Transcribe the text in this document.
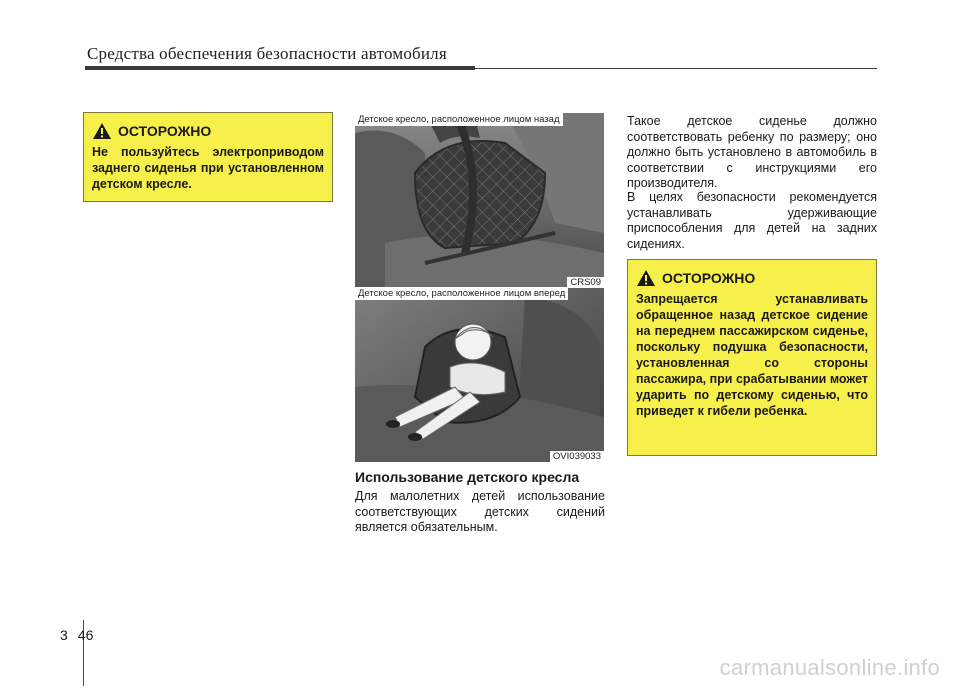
Средства обеспечения безопасности автомобиля
ОСТОРОЖНО
Не пользуйтесь электроприводом заднего сиденья при установленном детском кресле.
Детское кресло, расположенное лицом назад
CRS09
Детское кресло, расположенное лицом вперед
OVI039033
Использование детского кресла
Для малолетних детей использование соответствующих детских сидений является обязательным.
Такое детское сиденье должно соответствовать ребенку по размеру; оно должно быть установлено в автомобиль в соответствии с инструкциями его производителя.
В целях безопасности рекомендуется устанавливать удерживающие приспособления для детей на задних сидениях.
ОСТОРОЖНО
Запрещается устанавливать обращенное назад детское сидение на переднем пассажирском сиденье, поскольку подушка безопасности, установленная со стороны пассажира, при срабатывании может ударить по детскому сиденью, что приведет к гибели ребенка.
3 46
carmanualsonline.info
